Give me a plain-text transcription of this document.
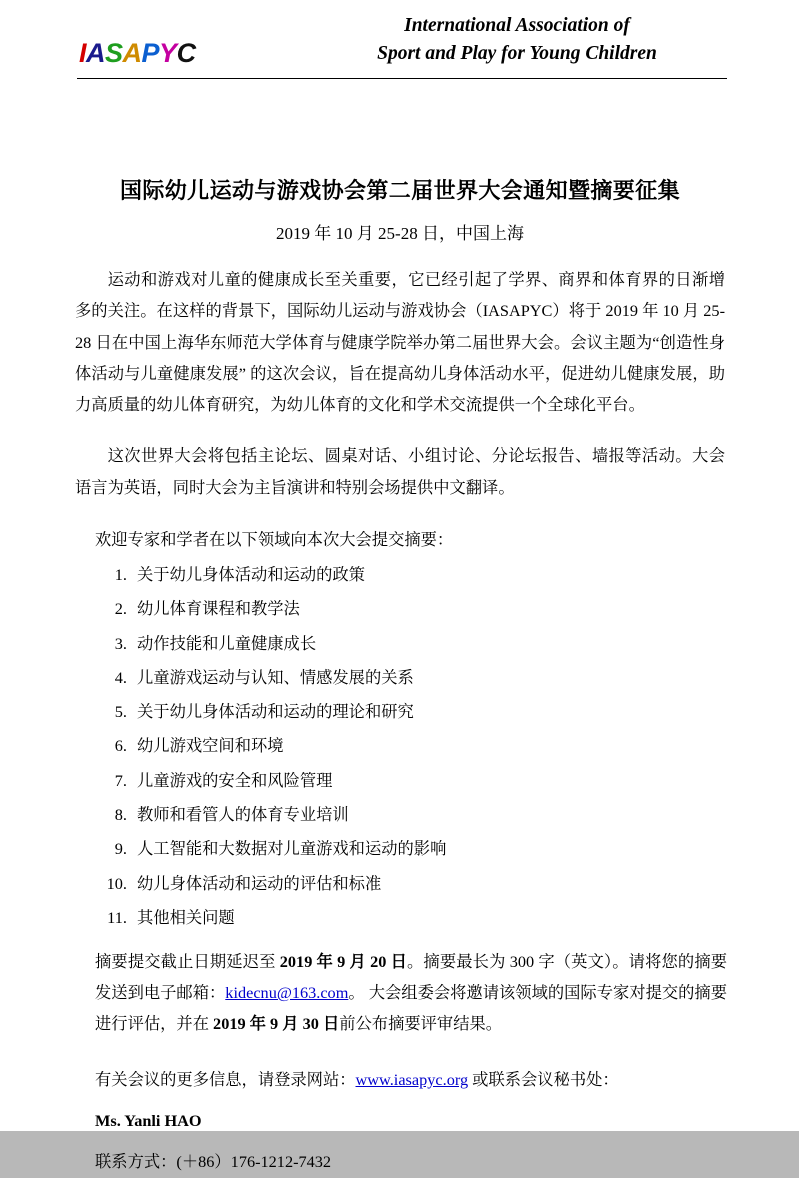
IASAPYC
International Association of
Sport and Play for Young Children
国际幼儿运动与游戏协会第二届世界大会通知暨摘要征集
2019 年 10 月 25-28 日，中国上海
运动和游戏对儿童的健康成长至关重要，它已经引起了学界、商界和体育界的日渐增多的关注。在这样的背景下，国际幼儿运动与游戏协会（IASAPYC）将于 2019 年 10 月 25-28 日在中国上海华东师范大学体育与健康学院举办第二届世界大会。会议主题为“创造性身体活动与儿童健康发展” 的这次会议，旨在提高幼儿身体活动水平，促进幼儿健康发展，助力高质量的幼儿体育研究，为幼儿体育的文化和学术交流提供一个全球化平台。
这次世界大会将包括主论坛、圆桌对话、小组讨论、分论坛报告、墙报等活动。大会语言为英语，同时大会为主旨演讲和特别会场提供中文翻译。
欢迎专家和学者在以下领域向本次大会提交摘要：
1. 关于幼儿身体活动和运动的政策
2. 幼儿体育课程和教学法
3. 动作技能和儿童健康成长
4. 儿童游戏运动与认知、情感发展的关系
5. 关于幼儿身体活动和运动的理论和研究
6. 幼儿游戏空间和环境
7. 儿童游戏的安全和风险管理
8. 教师和看管人的体育专业培训
9. 人工智能和大数据对儿童游戏和运动的影响
10. 幼儿身体活动和运动的评估和标准
11. 其他相关问题
摘要提交截止日期延迟至 2019 年 9 月 20 日。摘要最长为 300 字（英文）。请将您的摘要发送到电子邮箱：kidecnu@163.com。 大会组委会将邀请该领域的国际专家对提交的摘要进行评估，并在 2019 年 9 月 30 日前公布摘要评审结果。
有关会议的更多信息，请登录网站：www.iasapyc.org 或联系会议秘书处：
Ms. Yanli HAO
联系方式：(＋86）176-1212-7432
